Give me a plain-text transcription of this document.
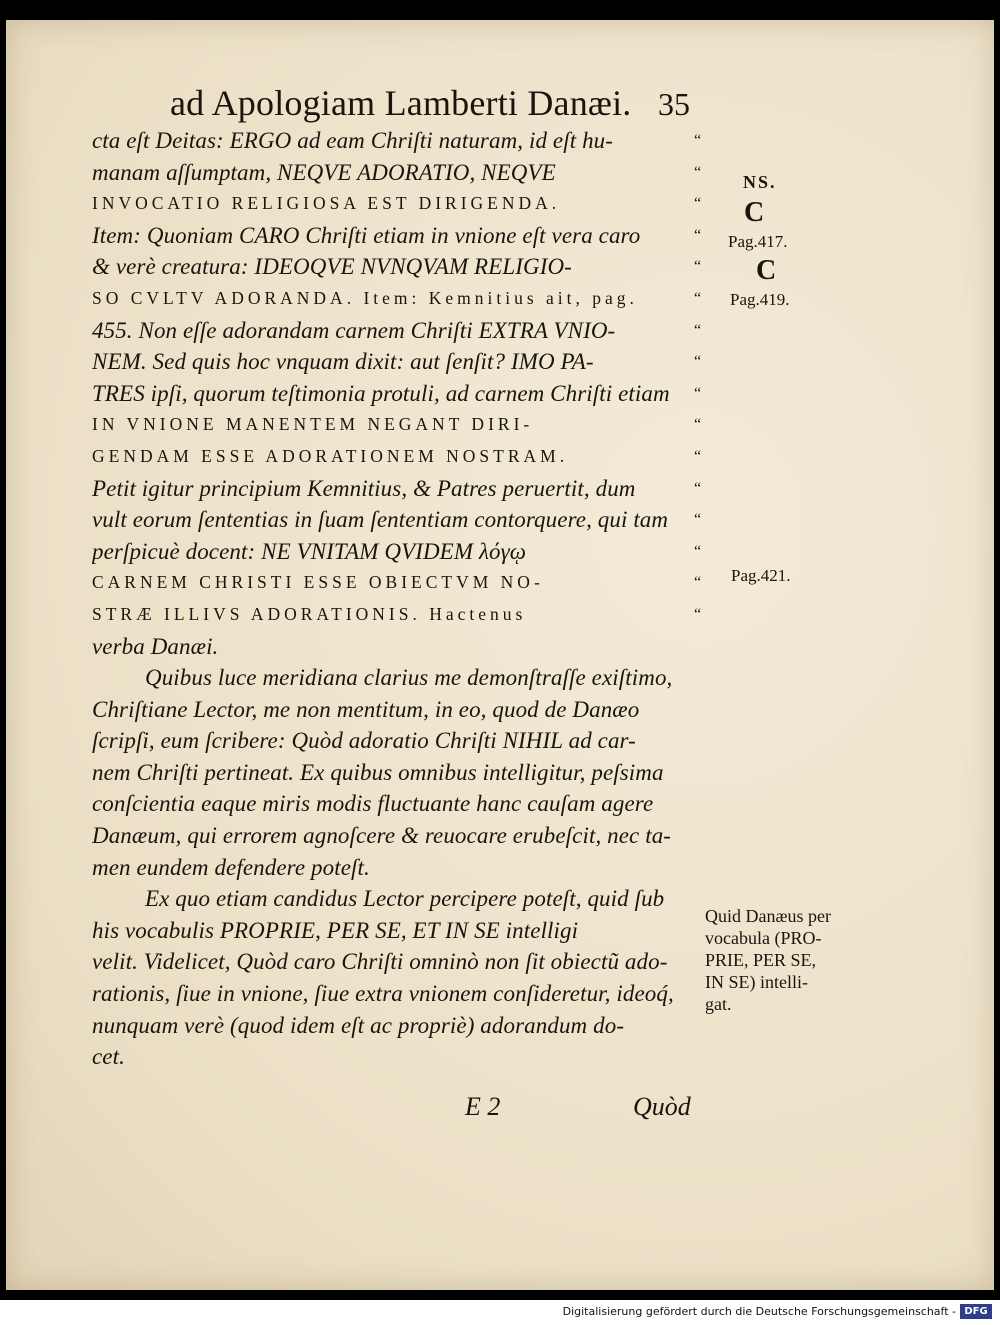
ad Apologiam Lamberti Danæi. 35
cta eſt Deitas: ERGO ad eam Chriſti naturam, id eſt hu-
manam aſſumptam, NEQVE ADORATIO, NEQVE
INVOCATIO RELIGIOSA EST DIRIGENDA.
Item: Quoniam CARO Chriſti etiam in vnione eſt vera caro
& verè creatura: IDEOQVE NVNQVAM RELIGIO-
SO CVLTV ADORANDA. Item: Kemnitius ait, pag.
455. Non eſſe adorandam carnem Chriſti EXTRA VNIO-
NEM. Sed quis hoc vnquam dixit: aut ſenſit? IMO PA-
TRES ipſi, quorum teſtimonia protuli, ad carnem Chriſti etiam
IN VNIONE MANENTEM NEGANT DIRI-
GENDAM ESSE ADORATIONEM NOSTRAM.
Petit igitur principium Kemnitius, & Patres peruertit, dum
vult eorum ſententias in ſuam ſententiam contorquere, qui tam
perſpicuè docent: NE VNITAM QVIDEM λόγῳ
CARNEM CHRISTI ESSE OBIECTVM NO-
STRÆ ILLIVS ADORATIONIS. Hactenus
verba Danæi.
Quibus luce meridiana clarius me demonſtraſſe exiſtimo,
Chriſtiane Lector, me non mentitum, in eo, quod de Danæo
ſcripſi, eum ſcribere: Quòd adoratio Chriſti NIHIL ad car-
nem Chriſti pertineat. Ex quibus omnibus intelligitur, peſsima
conſcientia eaque miris modis fluctuante hanc cauſam agere
Danæum, qui errorem agnoſcere & reuocare erubeſcit, nec ta-
men eundem defendere poteſt.
Ex quo etiam candidus Lector percipere poteſt, quid ſub
his vocabulis PROPRIE, PER SE, ET IN SE intelligi
velit. Videlicet, Quòd caro Chriſti omninò non ſit obiectũ ado-
rationis, ſiue in vnione, ſiue extra vnionem conſideretur, ideoq́,
nunquam verè (quod idem eſt ac propriè) adorandum do-
cet.
“
“
“
“
“
“
“
“
“
“
“
“
“
“
“
“
NS.
C
Pag.417.
C
Pag.419.
Pag.421.
Quid Danæus per
vocabula (PRO-
PRIE, PER SE,
IN SE) intelli-
gat.
E 2	Quòd
Digitalisierung gefördert durch die Deutsche Forschungsgemeinschaft - DFG
